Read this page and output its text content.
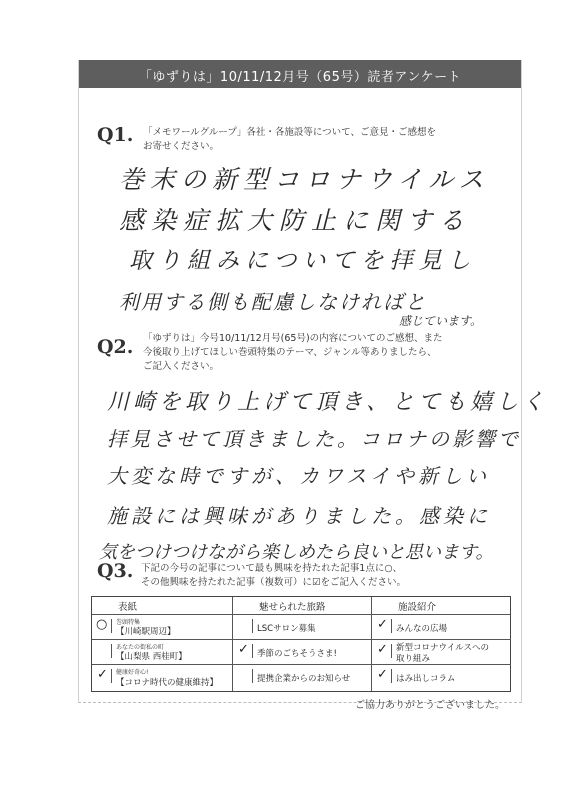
「ゆずりは」10/11/12月号（65号）読者アンケート
Q1. 「メモワールグループ」各社・各施設等について、ご意見・ご感想を
お寄せください。
巻末の新型コロナウイルス
感染症拡大防止に関する
取り組みについてを拝見し
利用する側も配慮しなければと
感じています。
Q2. 「ゆずりは」今号10/11/12月号(65号)の内容についてのご感想、また
今後取り上げてほしい巻頭特集のテーマ、ジャンル等ありましたら、
ご記入ください。
川崎を取り上げて頂き、とても嬉しく
拝見させて頂きました。コロナの影響で
大変な時ですが、カワスイや新しい
施設には興味がありました。感染に
気をつけつけながら楽しめたら良いと思います。
Q3. 下記の今号の記事について最も興味を持たれた記事1点に○、
その他興味を持たれた記事（複数可）に☑をご記入ください。
表紙
○ 巻頭特集
【川崎駅周辺】
あなたの街私の町
【山梨県 西桂町】
✓ 健康好奇心!
【コロナ時代の健康維持】
魅せられた旅路
LSCサロン募集
✓ 季節のごちそうさま!
提携企業からのお知らせ
施設紹介
✓ みんなの広場
✓ 新型コロナウイルスへの
取り組み
✓ はみ出しコラム
ご協力ありがとうございました。
